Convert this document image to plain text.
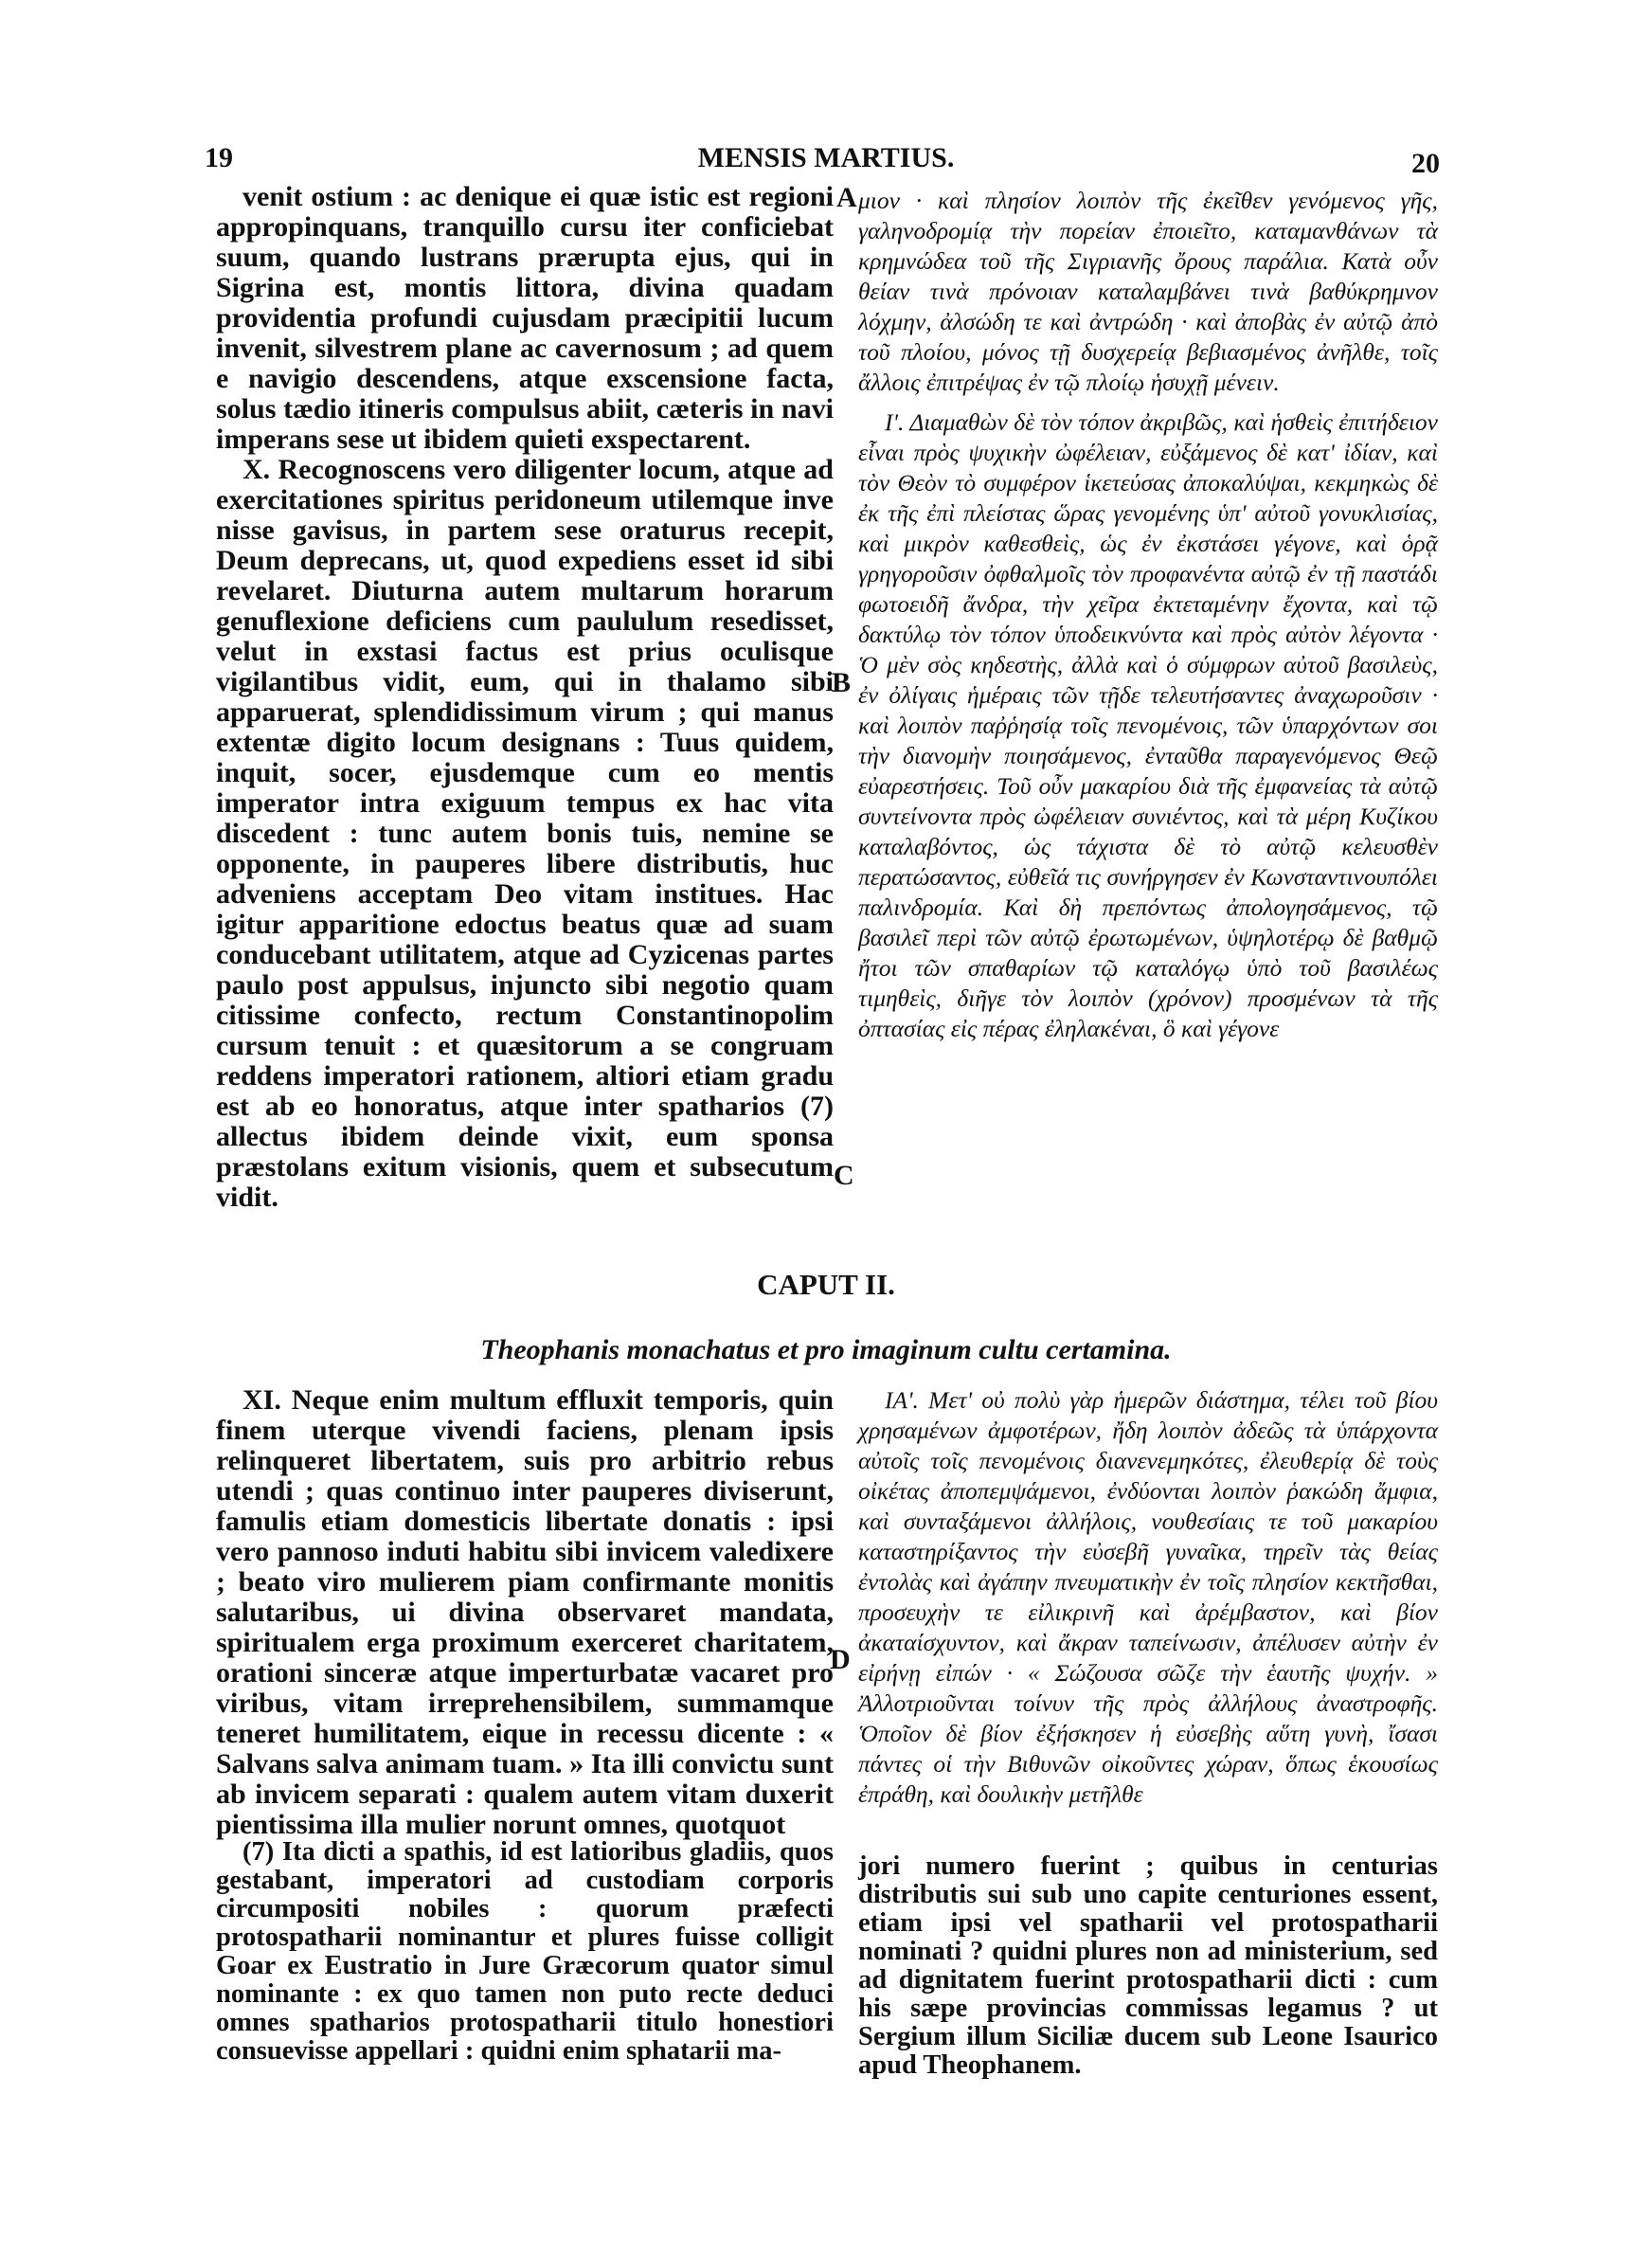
19	MENSIS MARTIUS.	20
A
B
C
D

venit ostium : ac denique ei quæ istic est regioni appropinquans, tranquillo cursu iter conficiebat suum, quando lustrans prærupta ejus, qui in Sigrina est, montis littora, divina quadam providentia profundi cujusdam præcipitii lucum invenit, silvestrem plane ac cavernosum ; ad quem e navigio descendens, atque exscensione facta, solus tædio itineris compulsus abiit, cæteris in navi imperans sese ut ibidem quieti exspectarent.

X. Recognoscens vero diligenter locum, atque ad exercitationes spiritus peridoneum utilemque inve nisse gavisus, in partem sese oraturus recepit, Deum deprecans, ut, quod expediens esset id sibi revelaret. Diuturna autem multarum horarum genuflexione deficiens cum paululum resedisset, velut in exstasi factus est prius oculisque vigilantibus vidit, eum, qui in thalamo sibi apparuerat, splendidissimum virum ; qui manus extentæ digito locum designans : Tuus quidem, inquit, socer, ejusdemque cum eo mentis imperator intra exiguum tempus ex hac vita discedent : tunc autem bonis tuis, nemine se opponente, in pauperes libere distributis, huc adveniens acceptam Deo vitam institues. Hac igitur apparitione edoctus beatus quæ ad suam conducebant utilitatem, atque ad Cyzicenas partes paulo post appulsus, injuncto sibi negotio quam citissime confecto, rectum Constantinopolim cursum tenuit : et quæsitorum a se congruam reddens imperatori rationem, altiori etiam gradu est ab eo honoratus, atque inter spatharios (7) allectus ibidem deinde vixit, eum sponsa præstolans exitum visionis, quem et subsecutum vidit.

μιον · καὶ πλησίον λοιπὸν τῆς ἐκεῖθεν γενόμενος γῆς, γαληνοδρομίᾳ τὴν πορείαν ἐποιεῖτο, καταμανθάνων τὰ κρημνώδεα τοῦ τῆς Σιγριανῆς ὄρους παράλια. Κατὰ οὖν θείαν τινὰ πρόνοιαν καταλαμβάνει τινὰ βαθύκρημνον λόχμην, ἀλσώδη τε καὶ ἀντρώδη · καὶ ἀποβὰς ἐν αὐτῷ ἀπὸ τοῦ πλοίου, μόνος τῇ δυσχερείᾳ βεβιασμένος ἀνῆλθε, τοῖς ἄλλοις ἐπιτρέψας ἐν τῷ πλοίῳ ἡσυχῇ μένειν.

Ι'. Διαμαθὼν δὲ τὸν τόπον ἀκριβῶς, καὶ ἡσθεὶς ἐπιτήδειον εἶναι πρὸς ψυχικὴν ὠφέλειαν, εὐξάμενος δὲ κατ' ἰδίαν, καὶ τὸν Θεὸν τὸ συμφέρον ἱκετεύσας ἀποκαλύψαι, κεκμηκὼς δὲ ἐκ τῆς ἐπὶ πλείστας ὥρας γενομένης ὑπ' αὐτοῦ γονυκλισίας, καὶ μικρὸν καθεσθεὶς, ὡς ἐν ἐκστάσει γέγονε, καὶ ὁρᾷ γρηγοροῦσιν ὀφθαλμοῖς τὸν προφανέντα αὐτῷ ἐν τῇ παστάδι φωτοειδῆ ἄνδρα, τὴν χεῖρα ἐκτεταμένην ἔχοντα, καὶ τῷ δακτύλῳ τὸν τόπον ὑποδεικνύντα καὶ πρὸς αὐτὸν λέγοντα · Ὁ μὲν σὸς κηδεστὴς, ἀλλὰ καὶ ὁ σύμφρων αὐτοῦ βασιλεὺς, ἐν ὀλίγαις ἡμέραις τῶν τῇδε τελευτήσαντες ἀναχωροῦσιν · καὶ λοιπὸν παῤῥησίᾳ τοῖς πενομένοις, τῶν ὑπαρχόντων σοι τὴν διανομὴν ποιησάμενος, ἐνταῦθα παραγενόμενος Θεῷ εὐαρεστήσεις. Τοῦ οὖν μακαρίου διὰ τῆς ἐμφανείας τὰ αὐτῷ συντείνοντα πρὸς ὠφέλειαν συνιέντος, καὶ τὰ μέρη Κυζίκου καταλαβόντος, ὡς τάχιστα δὲ τὸ αὐτῷ κελευσθὲν περατώσαντος, εὐθεῖά τις συνήργησεν ἐν Κωνσταντινουπόλει παλινδρομία. Καὶ δὴ πρεπόντως ἀπολογησάμενος, τῷ βασιλεῖ περὶ τῶν αὐτῷ ἐρωτωμένων, ὑψηλοτέρῳ δὲ βαθμῷ ἤτοι τῶν σπαθαρίων τῷ καταλόγῳ ὑπὸ τοῦ βασιλέως τιμηθεὶς, διῆγε τὸν λοιπὸν (χρόνον) προσμένων τὰ τῆς ὀπτασίας εἰς πέρας ἐληλακέναι, ὃ καὶ γέγονε

CAPUT II.
Theophanis monachatus et pro imaginum cultu certamina.

XI. Neque enim multum effluxit temporis, quin finem uterque vivendi faciens, plenam ipsis relinqueret libertatem, suis pro arbitrio rebus utendi ; quas continuo inter pauperes diviserunt, famulis etiam domesticis libertate donatis : ipsi vero pannoso induti habitu sibi invicem valedixere ; beato viro mulierem piam confirmante monitis salutaribus, ui divina observaret mandata, spiritualem erga proximum exerceret charitatem, orationi sinceræ atque imperturbatæ vacaret pro viribus, vitam irreprehensibilem, summamque teneret humilitatem, eique in recessu dicente : « Salvans salva animam tuam. » Ita illi convictu sunt ab invicem separati : qualem autem vitam duxerit pientissima illa mulier norunt omnes, quotquot

ΙΑ'. Μετ' οὐ πολὺ γὰρ ἡμερῶν διάστημα, τέλει τοῦ βίου χρησαμένων ἀμφοτέρων, ἤδη λοιπὸν ἀδεῶς τὰ ὑπάρχοντα αὐτοῖς τοῖς πενομένοις διανενεμηκότες, ἐλευθερίᾳ δὲ τοὺς οἰκέτας ἀποπεμψάμενοι, ἐνδύονται λοιπὸν ῥακώδη ἄμφια, καὶ συνταξάμενοι ἀλλήλοις, νουθεσίαις τε τοῦ μακαρίου καταστηρίξαντος τὴν εὐσεβῆ γυναῖκα, τηρεῖν τὰς θείας ἐντολὰς καὶ ἀγάπην πνευματικὴν ἐν τοῖς πλησίον κεκτῆσθαι, προσευχὴν τε εἰλικρινῆ καὶ ἀρέμβαστον, καὶ βίον ἀκαταίσχυντον, καὶ ἄκραν ταπείνωσιν, ἀπέλυσεν αὐτὴν ἐν εἰρήνῃ εἰπών · « Σώζουσα σῶζε τὴν ἑαυτῆς ψυχήν. » Ἀλλοτριοῦνται τοίνυν τῆς πρὸς ἀλλήλους ἀναστροφῆς. Ὁποῖον δὲ βίον ἐξήσκησεν ἡ εὐσεβὴς αὕτη γυνὴ, ἴσασι πάντες οἱ τὴν Βιθυνῶν οἰκοῦντες χώραν, ὅπως ἑκουσίως ἐπράθη, καὶ δουλικὴν μετῆλθε

(7) Ita dicti a spathis, id est latioribus gladiis, quos gestabant, imperatori ad custodiam corporis circumpositi nobiles : quorum præfecti protospatharii nominantur et plures fuisse colligit Goar ex Eustratio in Jure Græcorum quator simul nominante : ex quo tamen non puto recte deduci omnes spatharios protospatharii titulo honestiori consuevisse appellari : quidni enim sphatarii ma-

jori numero fuerint ; quibus in centurias distributis sui sub uno capite centuriones essent, etiam ipsi vel spatharii vel protospatharii nominati ? quidni plures non ad ministerium, sed ad dignitatem fuerint protospatharii dicti : cum his sæpe provincias commissas legamus ? ut Sergium illum Siciliæ ducem sub Leone Isaurico apud Theophanem.
